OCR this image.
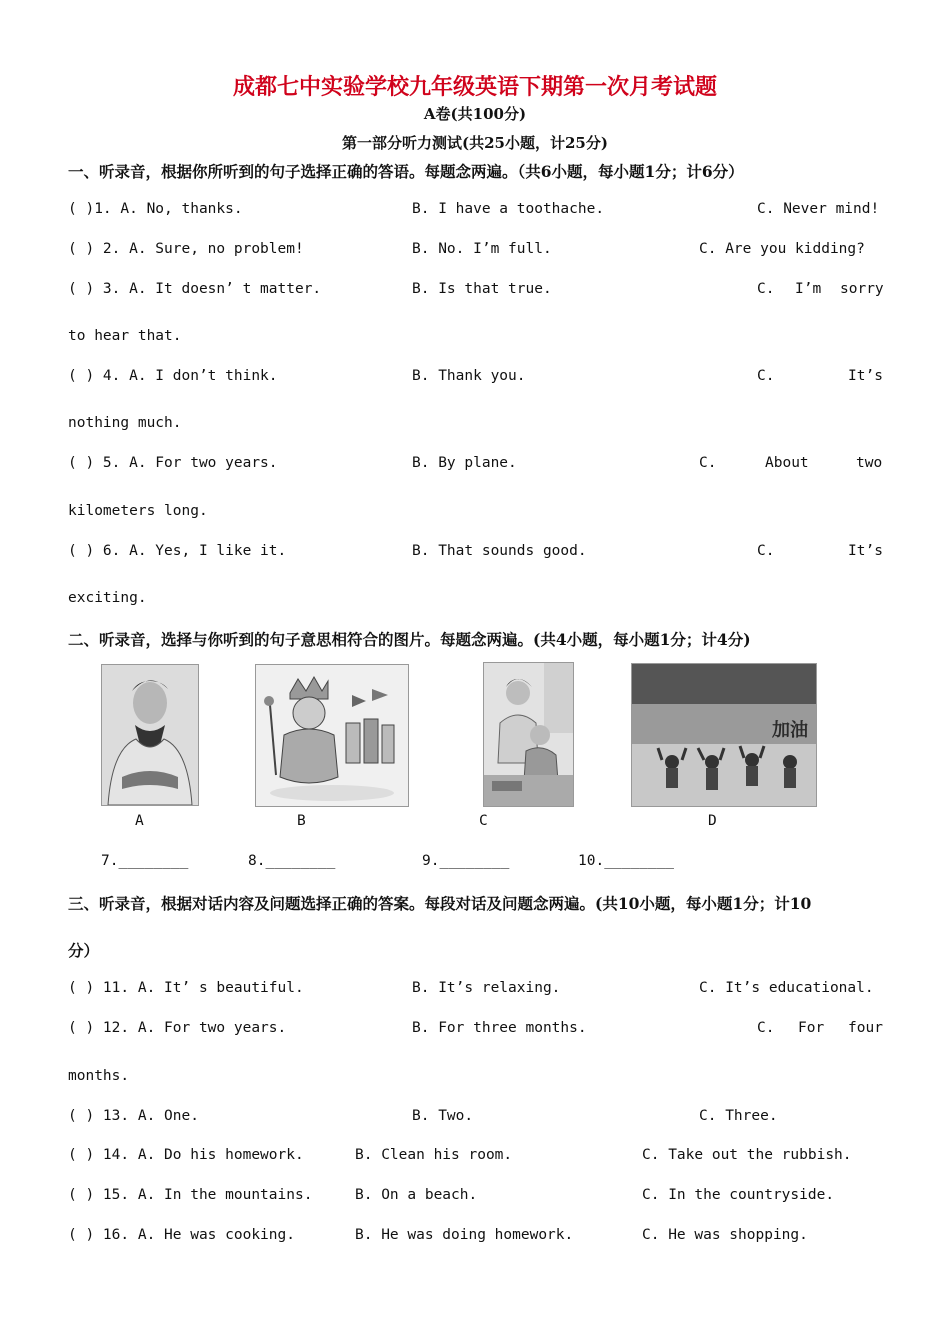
成都七中实验学校九年级英语下期第一次月考试题
A卷(共100分)
第一部分听力测试(共25小题，计25分)
一、听录音，根据你所听到的句子选择正确的答语。每题念两遍。（共6小题，每小题1分；计6分）
( )1. A. No, thanks.	B. I have a toothache.	C. Never mind!
( ) 2. A. Sure, no problem!	B. No. I’m full.	C. Are you kidding?
( ) 3. A. It doesn’ t matter.	B. Is that true.	C. I’m sorry
to hear that.
( ) 4. A. I don’t think.	B. Thank you.	C.	It’s
nothing much.
( ) 5. A. For two years.	B. By plane.	C.	About	two
kilometers long.
( ) 6. A. Yes, I like it.	B. That sounds good.	C.	It’s
exciting.
二、听录音，选择与你听到的句子意思相符合的图片。每题念两遍。(共4小题，每小题1分；计4分)
加油
A	B	C	D
7.________	8.________	9.________	10.________
三、听录音，根据对话内容及问题选择正确的答案。每段对话及问题念两遍。(共10小题，每小题1分；计10
分）
( ) 11. A. It’ s beautiful.	B. It’s relaxing.	C. It’s educational.
( ) 12. A. For two years.	B. For three months.	C. For four
months.
( ) 13. A. One.	B. Two.	C. Three.
( ) 14. A. Do his homework.	B. Clean his room.	C. Take out the rubbish.
( ) 15. A. In the mountains.	B. On a beach.	C. In the countryside.
( ) 16. A. He was cooking.	B. He was doing homework.	C. He was shopping.
